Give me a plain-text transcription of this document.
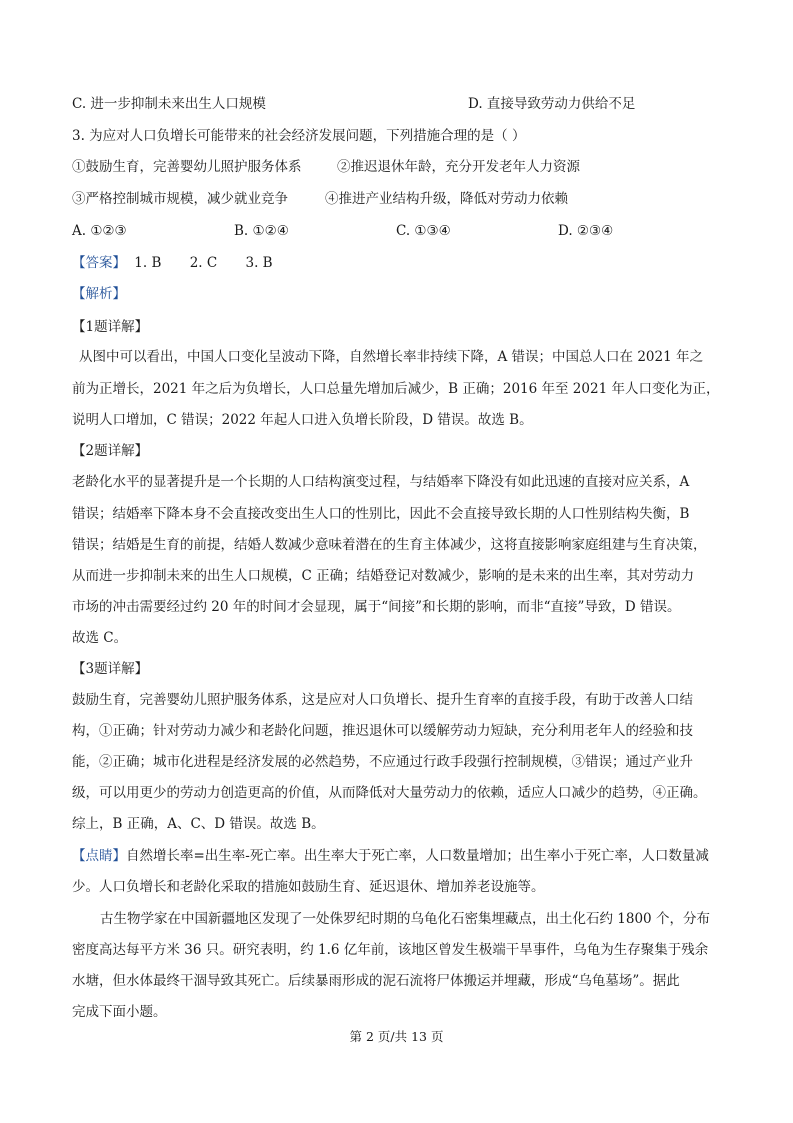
C. 进一步抑制未来出生人口规模	D. 直接导致劳动力供给不足
3. 为应对人口负增长可能带来的社会经济发展问题，下列措施合理的是（ ）
①鼓励生育，完善婴幼儿照护服务体系	②推迟退休年龄，充分开发老年人力资源
③严格控制城市规模，减少就业竞争	④推进产业结构升级，降低对劳动力依赖
A. ①②③	B. ①②④	C. ①③④	D. ②③④

【答案】 1. B 2. C 3. B
【解析】
【1题详解】
从图中可以看出，中国人口变化呈波动下降，自然增长率非持续下降，A 错误；中国总人口在 2021 年之
前为正增长，2021 年之后为负增长，人口总量先增加后减少，B 正确；2016 年至 2021 年人口变化为正，
说明人口增加，C 错误；2022 年起人口进入负增长阶段，D 错误。故选 B。
【2题详解】
老龄化水平的显著提升是一个长期的人口结构演变过程，与结婚率下降没有如此迅速的直接对应关系，A
错误；结婚率下降本身不会直接改变出生人口的性别比，因此不会直接导致长期的人口性别结构失衡，B
错误；结婚是生育的前提，结婚人数减少意味着潜在的生育主体减少，这将直接影响家庭组建与生育决策，
从而进一步抑制未来的出生人口规模，C 正确；结婚登记对数减少，影响的是未来的出生率，其对劳动力
市场的冲击需要经过约 20 年的时间才会显现，属于“间接”和长期的影响，而非“直接”导致，D 错误。
故选 C。
【3题详解】
鼓励生育，完善婴幼儿照护服务体系，这是应对人口负增长、提升生育率的直接手段，有助于改善人口结
构，①正确；针对劳动力减少和老龄化问题，推迟退休可以缓解劳动力短缺，充分利用老年人的经验和技
能，②正确；城市化进程是经济发展的必然趋势，不应通过行政手段强行控制规模，③错误；通过产业升
级，可以用更少的劳动力创造更高的价值，从而降低对大量劳动力的依赖，适应人口减少的趋势，④正确。
综上，B 正确，A、C、D 错误。故选 B。
【点睛】自然增长率=出生率-死亡率。出生率大于死亡率，人口数量增加；出生率小于死亡率，人口数量减
少。人口负增长和老龄化采取的措施如鼓励生育、延迟退休、增加养老设施等。
古生物学家在中国新疆地区发现了一处侏罗纪时期的乌龟化石密集埋藏点，出土化石约 1800 个，分布
密度高达每平方米 36 只。研究表明，约 1.6 亿年前，该地区曾发生极端干旱事件，乌龟为生存聚集于残余
水塘，但水体最终干涸导致其死亡。后续暴雨形成的泥石流将尸体搬运并埋藏，形成“乌龟墓场”。据此
完成下面小题。
第 2 页/共 13 页
